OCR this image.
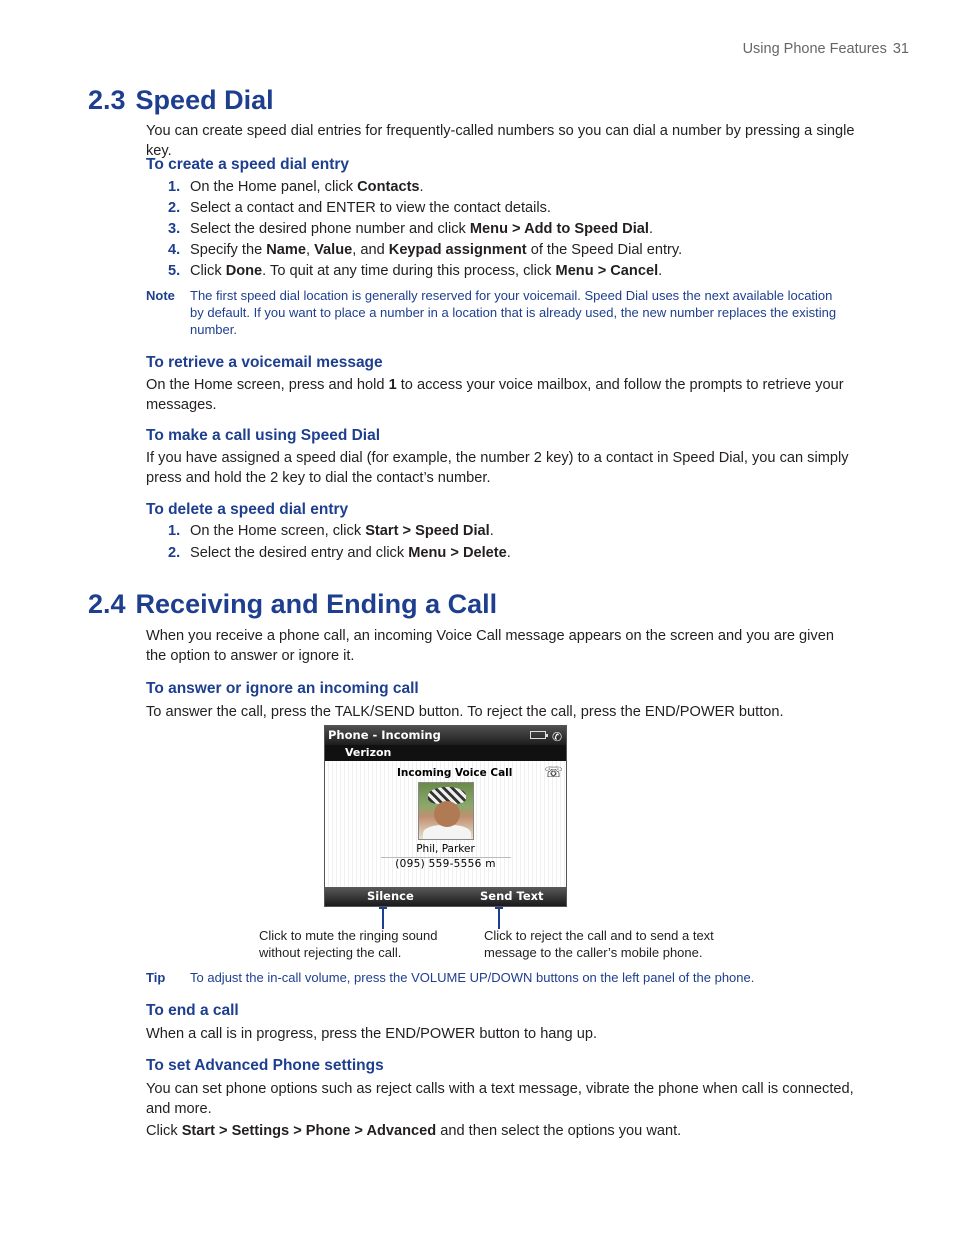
Using Phone Features 31
2.3 Speed Dial

You can create speed dial entries for frequently-called numbers so you can dial a number by pressing a single key.

To create a speed dial entry
1. On the Home panel, click Contacts.
2. Select a contact and ENTER to view the contact details.
3. Select the desired phone number and click Menu > Add to Speed Dial.
4. Specify the Name, Value, and Keypad assignment of the Speed Dial entry.
5. Click Done. To quit at any time during this process, click Menu > Cancel.
Note The first speed dial location is generally reserved for your voicemail. Speed Dial uses the next available location by default. If you want to place a number in a location that is already used, the new number replaces the existing number.
To retrieve a voicemail message

On the Home screen, press and hold 1 to access your voice mailbox, and follow the prompts to retrieve your messages.

To make a call using Speed Dial

If you have assigned a speed dial (for example, the number 2 key) to a contact in Speed Dial, you can simply press and hold the 2 key to dial the contact’s number.

To delete a speed dial entry
1. On the Home screen, click Start > Speed Dial.
2. Select the desired entry and click Menu > Delete.
2.4 Receiving and Ending a Call

When you receive a phone call, an incoming Voice Call message appears on the screen and you are given the option to answer or ignore it.

To answer or ignore an incoming call

To answer the call, press the TALK/SEND button. To reject the call, press the END/POWER button.

Phone - Incoming	✆
Verizon
Incoming Voice Call ☏
Phil, Parker
(095) 559-5556 m
Silence	Send Text
Click to mute the ringing sound without rejecting the call.
Click to reject the call and to send a text message to the caller’s mobile phone.
Tip To adjust the in-call volume, press the VOLUME UP/DOWN buttons on the left panel of the phone.
To end a call

When a call is in progress, press the END/POWER button to hang up.

To set Advanced Phone settings

You can set phone options such as reject calls with a text message, vibrate the phone when call is connected, and more.

Click Start > Settings > Phone > Advanced and then select the options you want.
